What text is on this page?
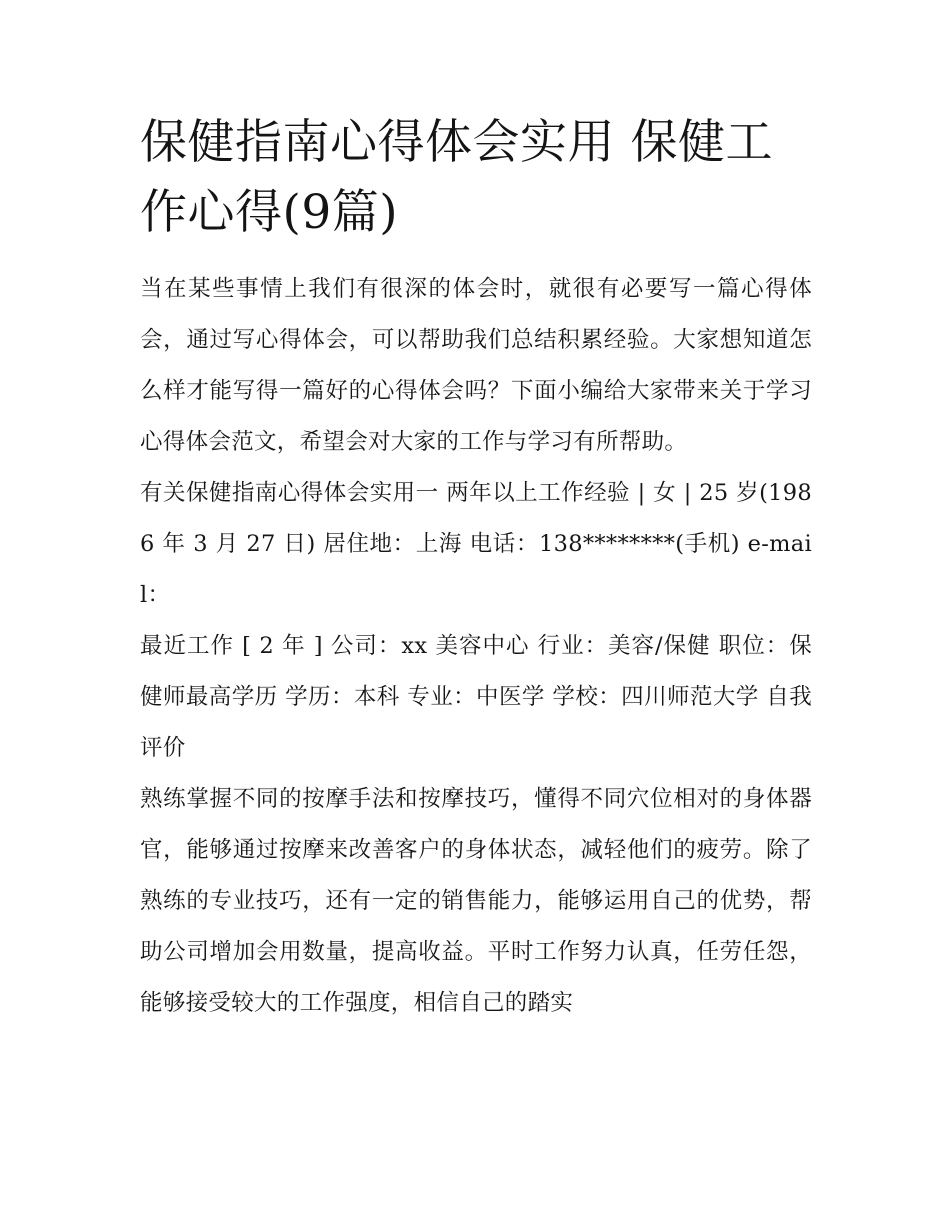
保健指南心得体会实用 保健工作心得(9篇)

当在某些事情上我们有很深的体会时，就很有必要写一篇心得体会，通过写心得体会，可以帮助我们总结积累经验。大家想知道怎么样才能写得一篇好的心得体会吗？下面小编给大家带来关于学习心得体会范文，希望会对大家的工作与学习有所帮助。

有关保健指南心得体会实用一 两年以上工作经验 | 女 | 25 岁(1986 年 3 月 27 日) 居住地：上海 电话：138********(手机) e-mail：

最近工作 [ 2 年 ] 公司：xx 美容中心 行业：美容/保健 职位：保健师最高学历 学历：本科 专业：中医学 学校：四川师范大学 自我评价

熟练掌握不同的按摩手法和按摩技巧，懂得不同穴位相对的身体器官，能够通过按摩来改善客户的身体状态，减轻他们的疲劳。除了熟练的专业技巧，还有一定的销售能力，能够运用自己的优势，帮助公司增加会用数量，提高收益。平时工作努力认真，任劳任怨，能够接受较大的工作强度，相信自己的踏实
